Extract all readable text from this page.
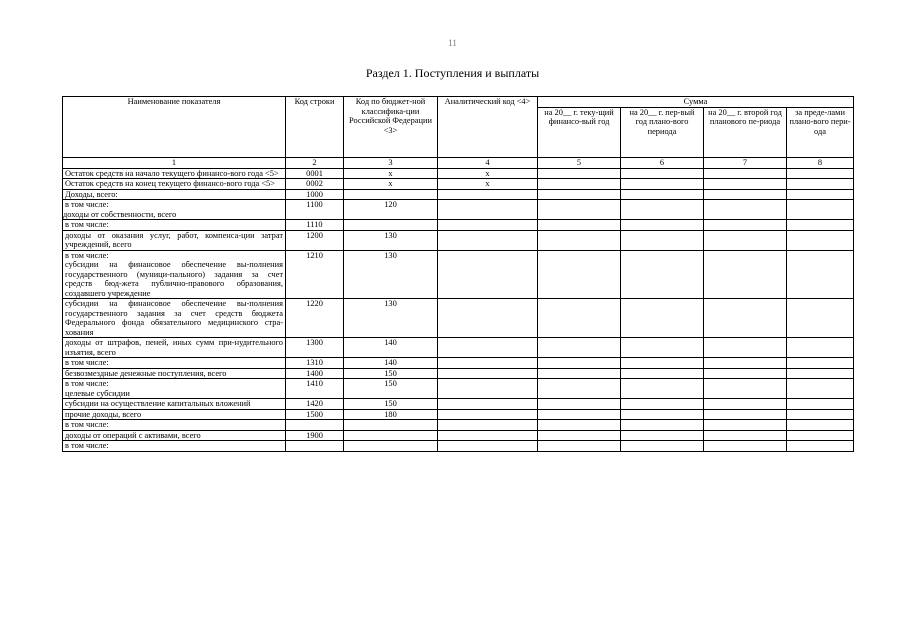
11
Раздел 1. Поступления и выплаты
Наименование показателя	Код строки	Код по бюджет-ной классифика-ции Российской Федерации <3>	Аналитический код <4>	Сумма			
				на 20__ г. теку-щий финансо-вый год	на 20__ г. пер-вый год плано-вого периода	на 20__ г. второй год планового пе-риода	за преде-лами плано-вого пери-ода
1	2	3	4	5	6	7	8

Остаток средств на начало текущего финансо-вого года <5>	0001	x	x				

Остаток средств на конец текущего финансо-вого года <5>	0002	x	x				

Доходы, всего:	1000						

в том числе:
доходы от собственности, всего	1100	120					

в том числе:	1110						

доходы от оказания услуг, работ, компенса-ции затрат учреждений, всего	1200	130					

в том числе:
субсидии на финансовое обеспечение вы-полнения государственного (муници-пального) задания за счет средств бюд-жета публично-правового образования, создавшего учреждение	1210	130					

субсидии на финансовое обеспечение вы-полнения государственного задания за счет средств бюджета Федерального фонда обязательного медицинского стра-хования	1220	130					

доходы от штрафов, пеней, иных сумм при-нудительного изъятия, всего	1300	140					

в том числе:	1310	140					

безвозмездные денежные поступления, всего	1400	150					

в том числе:
целевые субсидии	1410	150					

субсидии на осуществление капитальных вложений	1420	150					

прочие доходы, всего	1500	180					

в том числе:							

доходы от операций с активами, всего	1900						

в том числе:							
